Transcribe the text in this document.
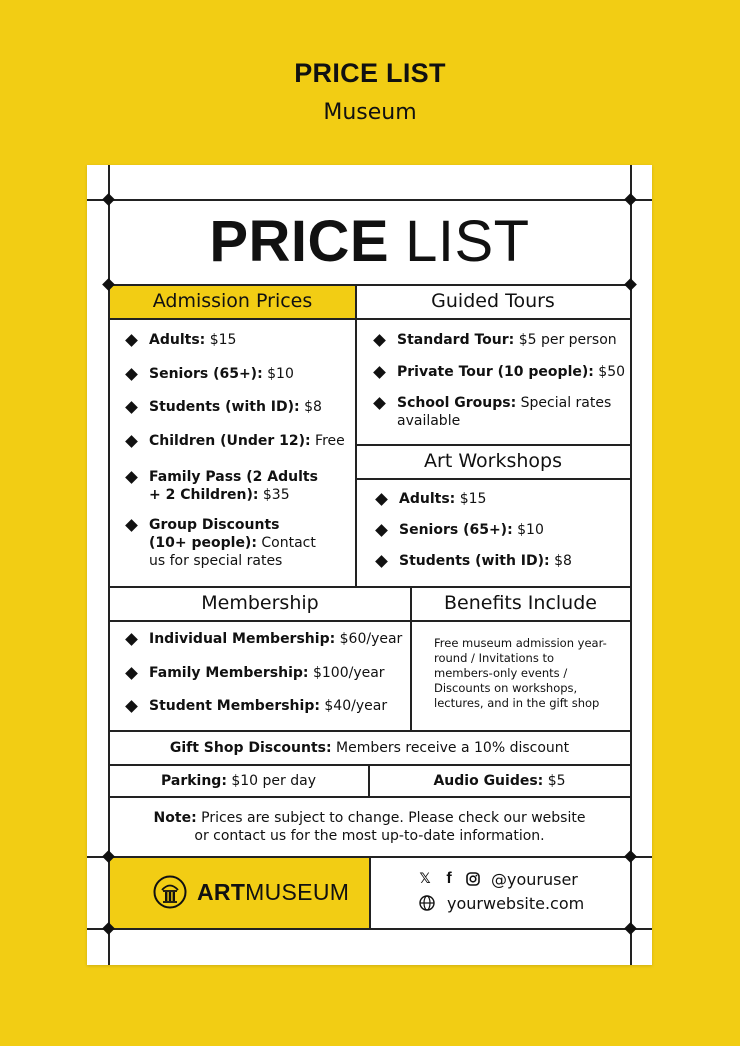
PRICE LIST
Museum
PRICE LIST
Admission Prices	Guided Tours
Art Workshops
Membership	Benefits Include
Adults: $15
Seniors (65+): $10
Students (with ID): $8
Children (Under 12): Free
Family Pass (2 Adults + 2 Children): $35
Group Discounts (10+ people): Contact us for special rates
Standard Tour: $5 per person
Private Tour (10 people): $50
School Groups: Special rates available
Adults: $15
Seniors (65+): $10
Students (with ID): $8
Individual Membership: $60/year
Family Membership: $100/year
Student Membership: $40/year
Free museum admission year-round / Invitations to members-only events / Discounts on workshops, lectures, and in the gift shop
Gift Shop Discounts: Members receive a 10% discount
Parking: $10 per day	Audio Guides: $5
Note: Prices are subject to change. Please check our website or contact us for the most up-to-date information.
ARTMUSEUM	𝕏 f	@youruser
yourwebsite.com
